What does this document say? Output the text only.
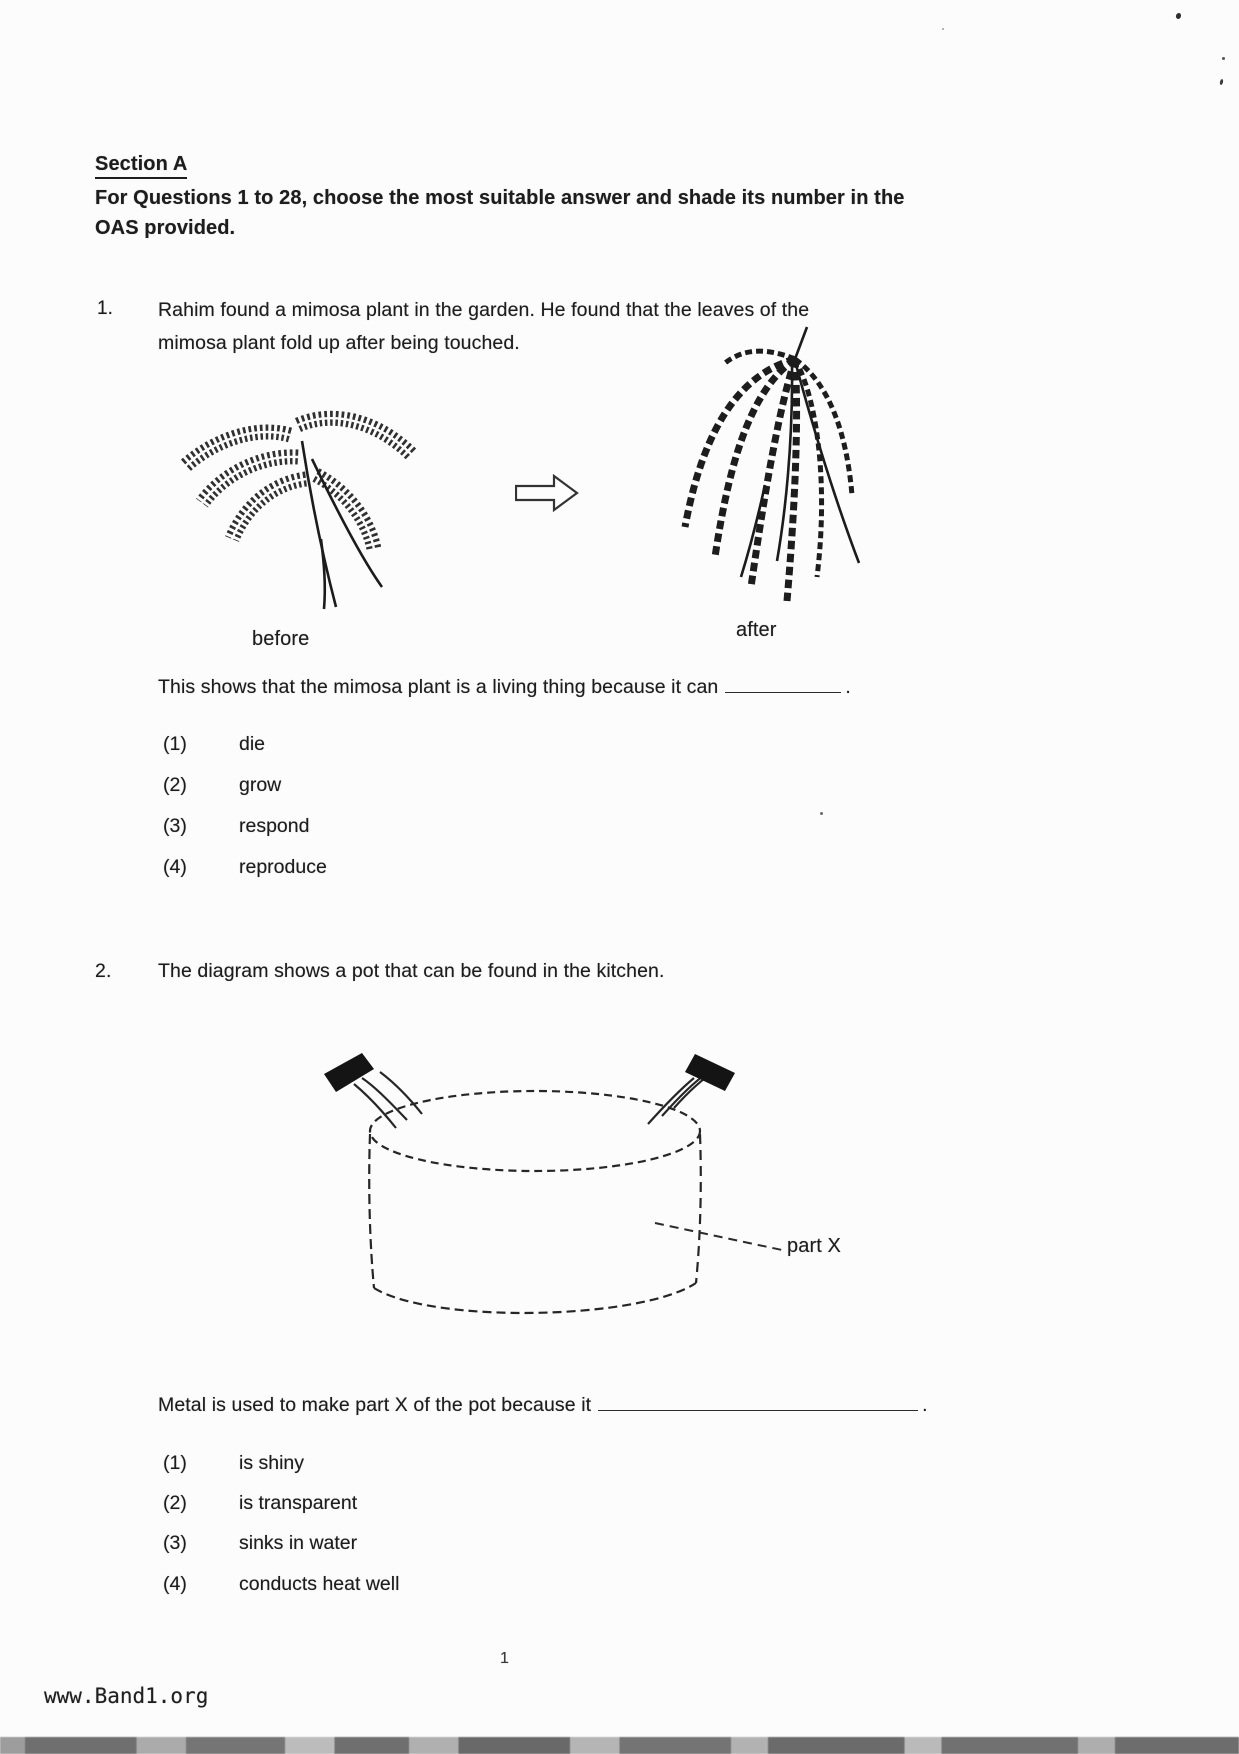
Section A
For Questions 1 to 28, choose the most suitable answer and shade its number in the
OAS provided.
1. Rahim found a mimosa plant in the garden. He found that the leaves of the
mimosa plant fold up after being touched.
before	after
This shows that the mimosa plant is a living thing because it can	.
(1)	die
(2)	grow
(3)	respond
(4)	reproduce
2. The diagram shows a pot that can be found in the kitchen.
part X
Metal is used to make part X of the pot because it	.
(1)	is shiny
(2)	is transparent
(3)	sinks in water
(4)	conducts heat well
1
www.Band1.org
